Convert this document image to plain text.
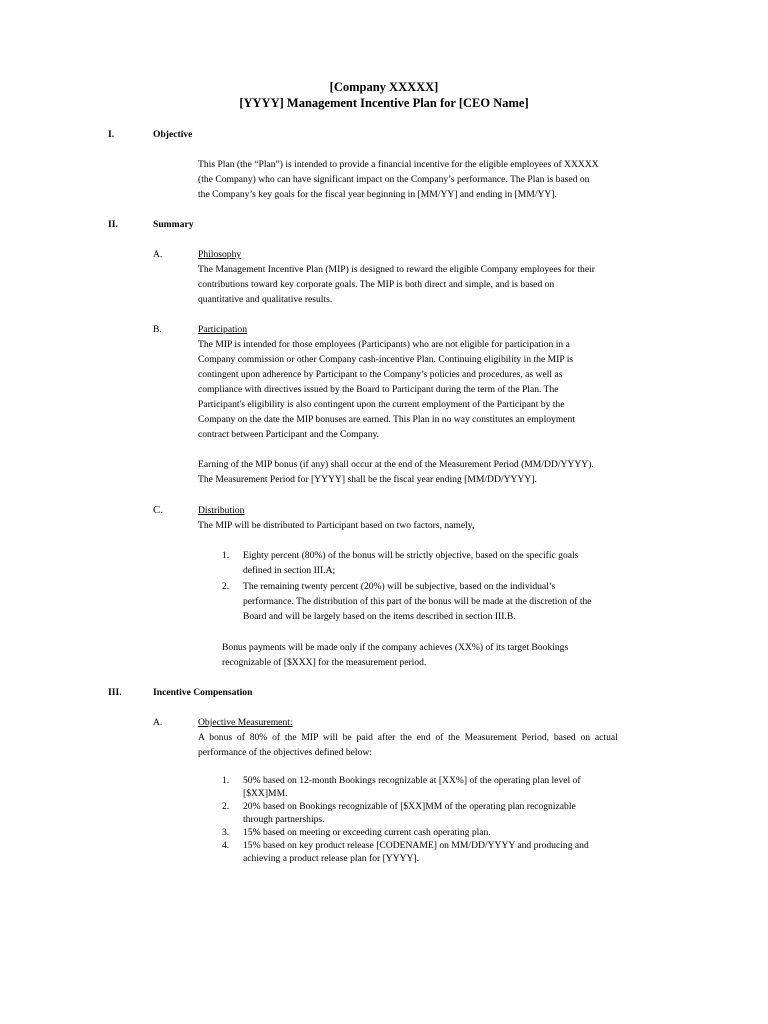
[Company XXXXX]
[YYYY] Management Incentive Plan for [CEO Name]
I.	Objective
This Plan (the “Plan”) is intended to provide a financial incentive for the eligible employees of XXXXX
(the Company) who can have significant impact on the Company’s performance. The Plan is based on
the Company’s key goals for the fiscal year beginning in [MM/YY] and ending in [MM/YY].
II.	Summary
A.	Philosophy
The Management Incentive Plan (MIP) is designed to reward the eligible Company employees for their
contributions toward key corporate goals. The MIP is both direct and simple, and is based on
quantitative and qualitative results.
B.	Participation
The MIP is intended for those employees (Participants) who are not eligible for participation in a
Company commission or other Company cash-incentive Plan. Continuing eligibility in the MIP is
contingent upon adherence by Participant to the Company’s policies and procedures, as well as
compliance with directives issued by the Board to Participant during the term of the Plan. The
Participant's eligibility is also contingent upon the current employment of the Participant by the
Company on the date the MIP bonuses are earned. This Plan in no way constitutes an employment
contract between Participant and the Company.
Earning of the MIP bonus (if any) shall occur at the end of the Measurement Period (MM/DD/YYYY).
The Measurement Period for [YYYY] shall be the fiscal year ending [MM/DD/YYYY].
C.	Distribution
The MIP will be distributed to Participant based on two factors, namely,
1. Eighty percent (80%) of the bonus will be strictly objective, based on the specific goals
defined in section III.A;
2. The remaining twenty percent (20%) will be subjective, based on the individual’s
performance. The distribution of this part of the bonus will be made at the discretion of the
Board and will be largely based on the items described in section III.B.
Bonus payments will be made only if the company achieves (XX%) of its target Bookings
recognizable of [$XXX] for the measurement period.
III.	Incentive Compensation
A.	Objective Measurement:
A  bonus  of  80%  of  the  MIP  will  be  paid  after  the  end  of  the  Measurement  Period,  based  on  actual
performance of the objectives defined below:
1. 50% based on 12-month Bookings recognizable at [XX%] of the operating plan level of
[$XX]MM.
2. 20% based on Bookings recognizable of [$XX]MM of the operating plan recognizable
through partnerships.
3. 15% based on meeting or exceeding current cash operating plan.
4. 15% based on key product release [CODENAME] on MM/DD/YYYY and producing and
achieving a product release plan for [YYYY].
